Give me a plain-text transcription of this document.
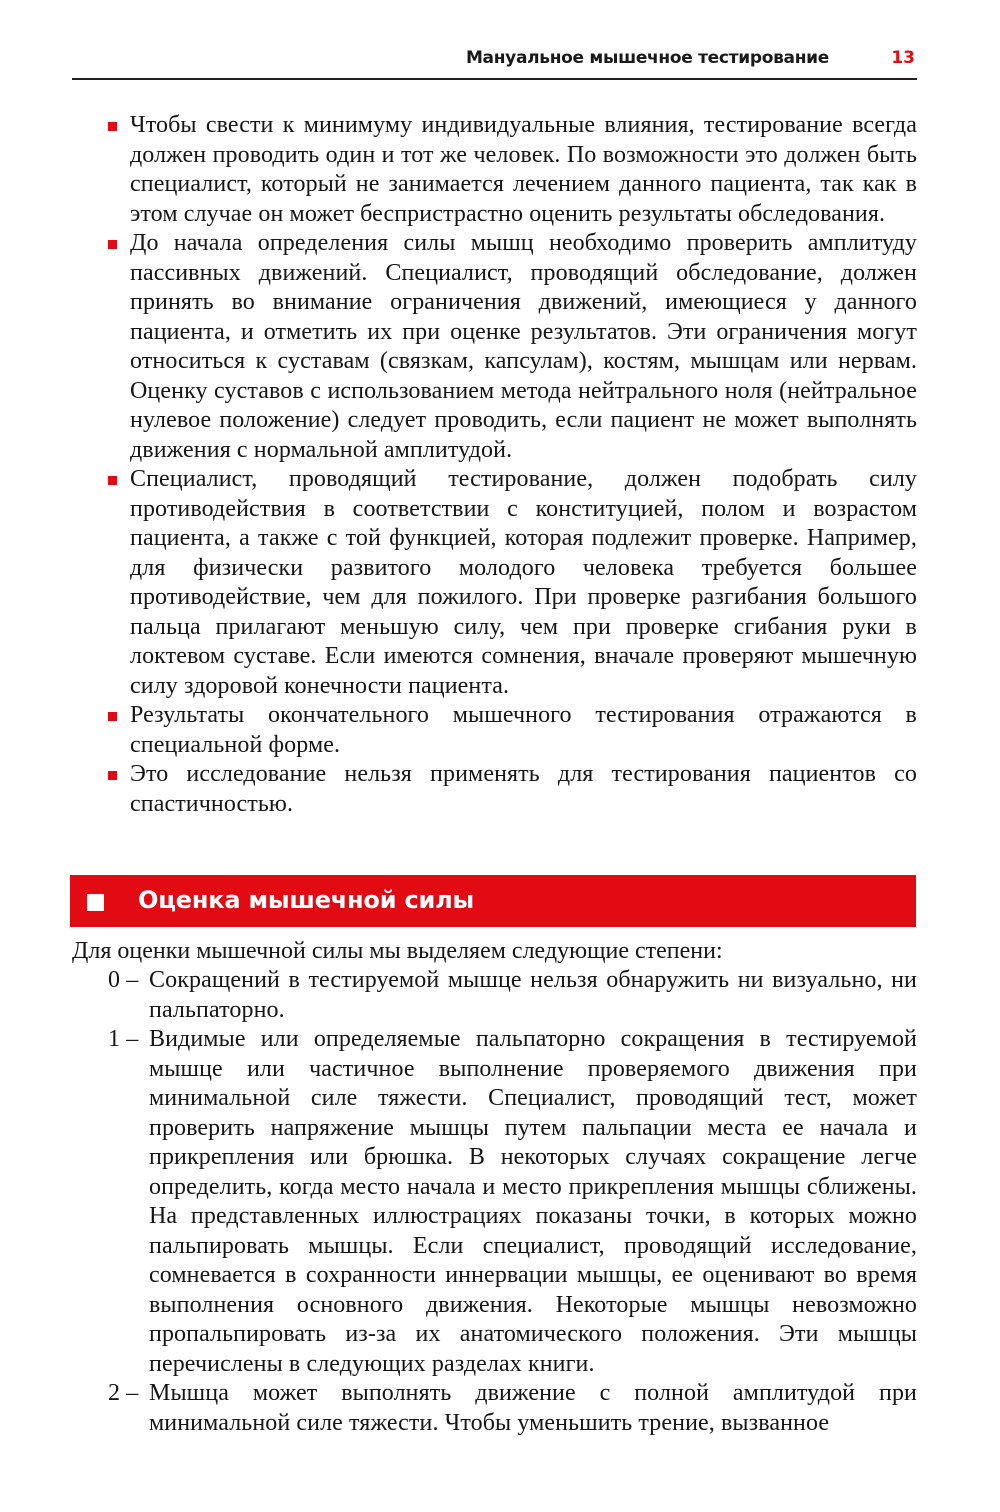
Мануальное мышечное тестирование	13
Чтобы свести к минимуму индивидуальные влияния, тестирование всегда должен проводить один и тот же человек. По возможности это должен быть специалист, который не занимается лечением данного пациента, так как в этом случае он может беспристрастно оценить результаты обследования.
До начала определения силы мышц необходимо проверить амплитуду пассивных движений. Специалист, проводящий обследование, должен принять во внимание ограничения движений, имеющиеся у данного пациента, и отметить их при оценке результатов. Эти ограничения могут относиться к суставам (связкам, капсулам), костям, мышцам или нервам. Оценку суставов с использованием метода нейтрального ноля (нейтральное нулевое положение) следует проводить, если пациент не может выполнять движения с нормальной амплитудой.
Специалист, проводящий тестирование, должен подобрать силу противодействия в соответствии с конституцией, полом и возрастом пациента, а также с той функцией, которая подлежит проверке. Например, для физически развитого молодого человека требуется большее противодействие, чем для пожилого. При проверке разгибания большого пальца прилагают меньшую силу, чем при проверке сгибания руки в локтевом суставе. Если имеются сомнения, вначале проверяют мышечную силу здоровой конечности пациента.
Результаты окончательного мышечного тестирования отражаются в специальной форме.
Это исследование нельзя применять для тестирования пациентов со спастичностью.
Оценка мышечной силы
Для оценки мышечной силы мы выделяем следующие степени:
0 – Сокращений в тестируемой мышце нельзя обнаружить ни визуально, ни пальпаторно.
1 – Видимые или определяемые пальпаторно сокращения в тестируемой мышце или частичное выполнение проверяемого движения при минимальной силе тяжести. Специалист, проводящий тест, может проверить напряжение мышцы путем пальпации места ее начала и прикрепления или брюшка. В некоторых случаях сокращение легче определить, когда место начала и место прикрепления мышцы сближены. На представленных иллюстрациях показаны точки, в которых можно пальпировать мышцы. Если специалист, проводящий исследование, сомневается в сохранности иннервации мышцы, ее оценивают во время выполнения основного движения. Некоторые мышцы невозможно пропальпировать из-за их анатомического положения. Эти мышцы перечислены в следующих разделах книги.
2 – Мышца может выполнять движение с полной амплитудой при минимальной силе тяжести. Чтобы уменьшить трение, вызванное
